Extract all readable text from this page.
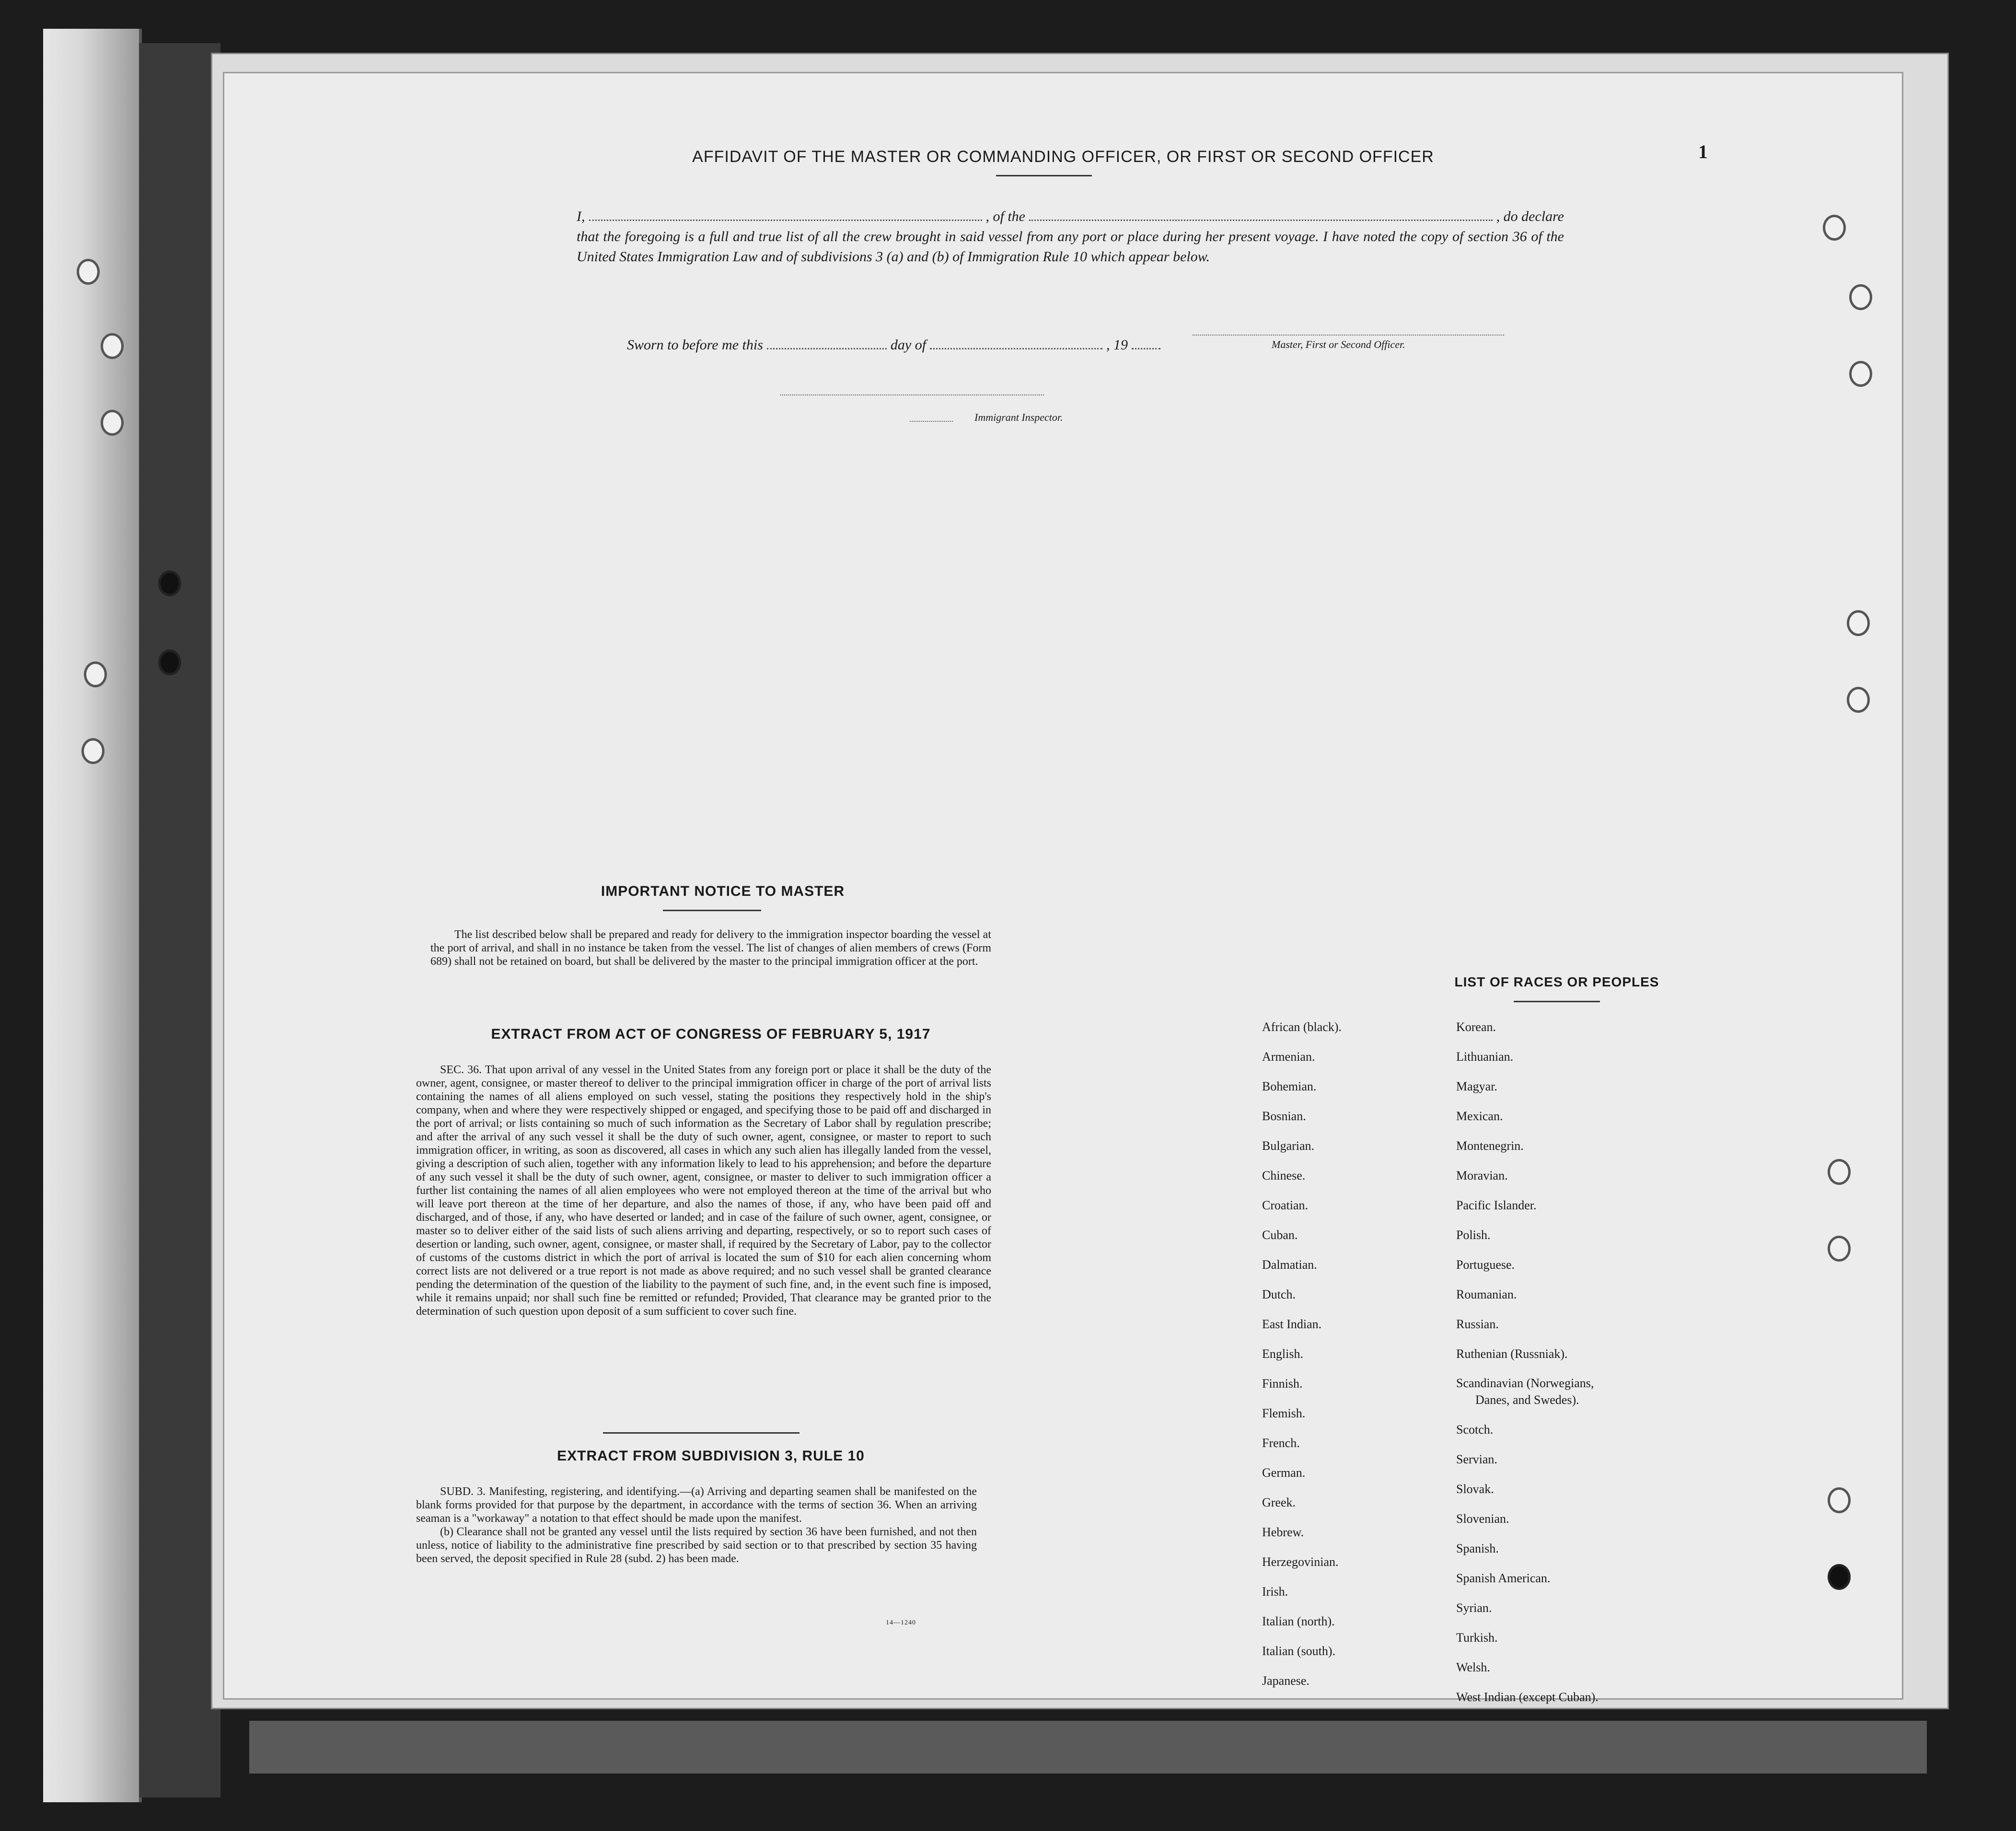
1
AFFIDAVIT OF THE MASTER OR COMMANDING OFFICER, OR FIRST OR SECOND OFFICER
I,	, of the	, do declare
that the foregoing is a full and true list of all the crew brought in said vessel from any port or place during her present voyage. I have noted the copy of section 36 of the United States Immigration Law and of subdivisions 3 (a) and (b) of Immigration Rule 10 which appear below.
Master, First or Second Officer.
Sworn to before me this	day of	, 19
Immigrant Inspector.
IMPORTANT NOTICE TO MASTER

The list described below shall be prepared and ready for delivery to the immigration inspector boarding the vessel at the port of arrival, and shall in no instance be taken from the vessel. The list of changes of alien members of crews (Form 689) shall not be retained on board, but shall be delivered by the master to the principal immigration officer at the port.

EXTRACT FROM ACT OF CONGRESS OF FEBRUARY 5, 1917

SEC. 36. That upon arrival of any vessel in the United States from any foreign port or place it shall be the duty of the owner, agent, consignee, or master thereof to deliver to the principal immigration officer in charge of the port of arrival lists containing the names of all aliens employed on such vessel, stating the positions they respectively hold in the ship's company, when and where they were respectively shipped or engaged, and specifying those to be paid off and discharged in the port of arrival; or lists containing so much of such information as the Secretary of Labor shall by regulation prescribe; and after the arrival of any such vessel it shall be the duty of such owner, agent, consignee, or master to report to such immigration officer, in writing, as soon as discovered, all cases in which any such alien has illegally landed from the vessel, giving a description of such alien, together with any information likely to lead to his apprehension; and before the departure of any such vessel it shall be the duty of such owner, agent, consignee, or master to deliver to such immigration officer a further list containing the names of all alien employees who were not employed thereon at the time of the arrival but who will leave port thereon at the time of her departure, and also the names of those, if any, who have been paid off and discharged, and of those, if any, who have deserted or landed; and in case of the failure of such owner, agent, consignee, or master so to deliver either of the said lists of such aliens arriving and departing, respectively, or so to report such cases of desertion or landing, such owner, agent, consignee, or master shall, if required by the Secretary of Labor, pay to the collector of customs of the customs district in which the port of arrival is located the sum of $10 for each alien concerning whom correct lists are not delivered or a true report is not made as above required; and no such vessel shall be granted clearance pending the determination of the question of the liability to the payment of such fine, and, in the event such fine is imposed, while it remains unpaid; nor shall such fine be remitted or refunded; Provided, That clearance may be granted prior to the determination of such question upon deposit of a sum sufficient to cover such fine.

EXTRACT FROM SUBDIVISION 3, RULE 10

SUBD. 3. Manifesting, registering, and identifying.—(a) Arriving and departing seamen shall be manifested on the blank forms provided for that purpose by the department, in accordance with the terms of section 36. When an arriving seaman is a "workaway" a notation to that effect should be made upon the manifest.

(b) Clearance shall not be granted any vessel until the lists required by section 36 have been furnished, and not then unless, notice of liability to the administrative fine prescribed by said section or to that prescribed by section 35 having been served, the deposit specified in Rule 28 (subd. 2) has been made.

14—1240
LIST OF RACES OR PEOPLES
African (black).
Armenian.
Bohemian.
Bosnian.
Bulgarian.
Chinese.
Croatian.
Cuban.
Dalmatian.
Dutch.
East Indian.
English.
Finnish.
Flemish.
French.
German.
Greek.
Hebrew.
Herzegovinian.
Irish.
Italian (north).
Italian (south).
Japanese.
Korean.
Lithuanian.
Magyar.
Mexican.
Montenegrin.
Moravian.
Pacific Islander.
Polish.
Portuguese.
Roumanian.
Russian.
Ruthenian (Russniak).
Scandinavian (Norwegians,
Danes, and Swedes).
Scotch.
Servian.
Slovak.
Slovenian.
Spanish.
Spanish American.
Syrian.
Turkish.
Welsh.
West Indian (except Cuban).
